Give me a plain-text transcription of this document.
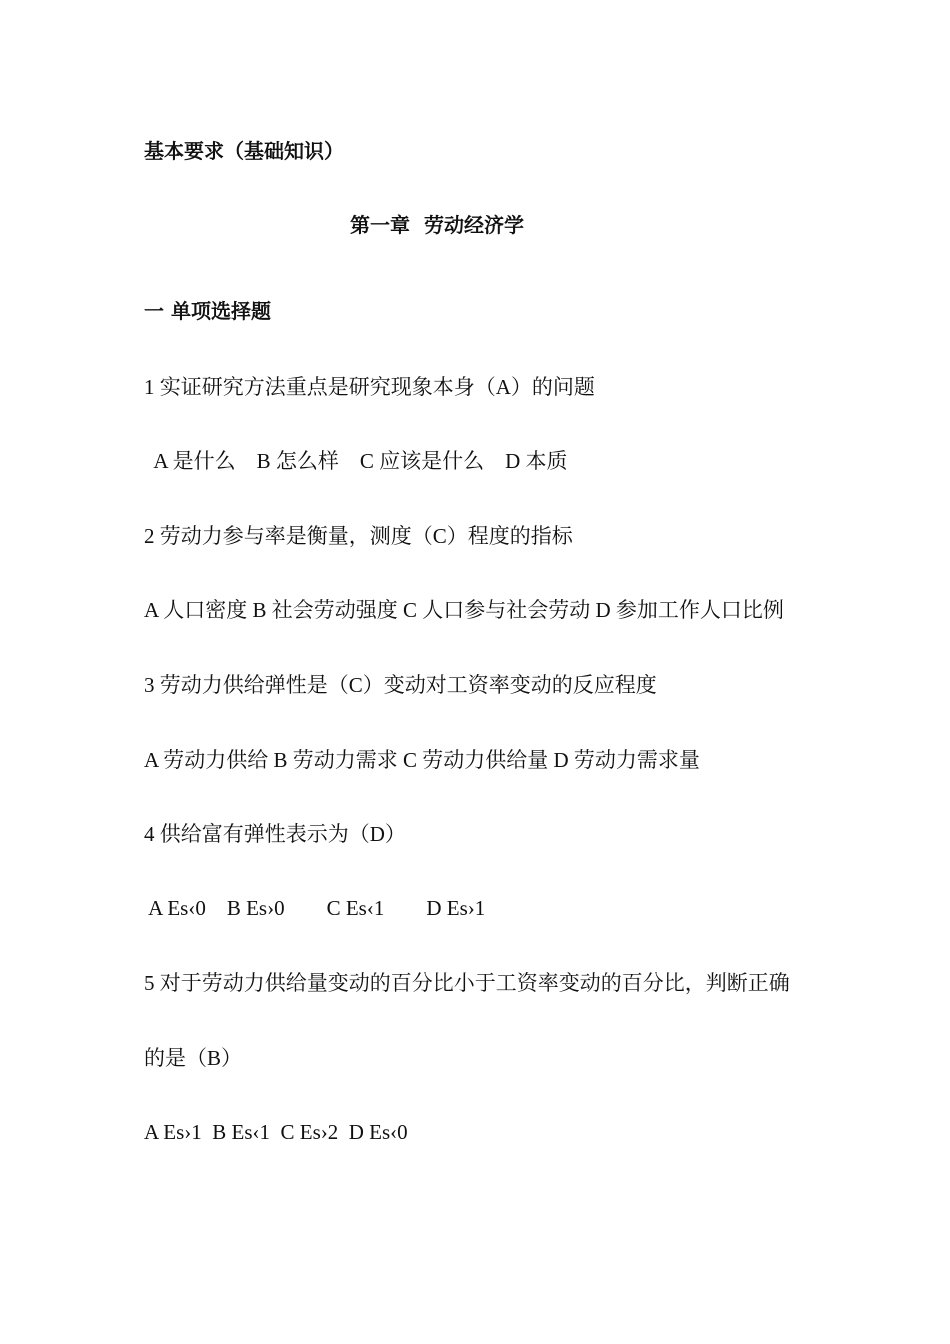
基本要求（基础知识）
第一章  劳动经济学
一 单项选择题
1 实证研究方法重点是研究现象本身（A）的问题
A 是什么    B 怎么样    C 应该是什么    D 本质
2 劳动力参与率是衡量，测度（C）程度的指标
A 人口密度 B 社会劳动强度 C 人口参与社会劳动 D 参加工作人口比例
3 劳动力供给弹性是（C）变动对工资率变动的反应程度
A 劳动力供给 B 劳动力需求 C 劳动力供给量 D 劳动力需求量
4 供给富有弹性表示为（D）
A Es‹0    B Es›0        C Es‹1        D Es›1
5 对于劳动力供给量变动的百分比小于工资率变动的百分比，判断正确
的是（B）
A Es›1  B Es‹1  C Es›2  D Es‹0
